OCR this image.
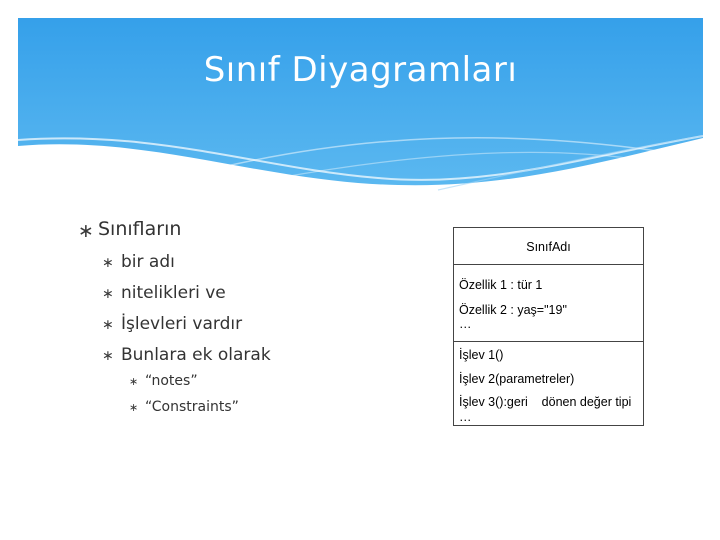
Sınıf Diyagramları
∗ Sınıfların
∗ bir adı
∗ nitelikleri ve
∗ İşlevleri vardır
∗ Bunlara ek olarak
∗ “notes”
∗ “Constraints”
SınıfAdı
Özellik 1 : tür 1
Özellik 2 : yaş="19"
…
İşlev 1()
İşlev 2(parametreler)
İşlev 3():geri    dönen değer tipi
…
